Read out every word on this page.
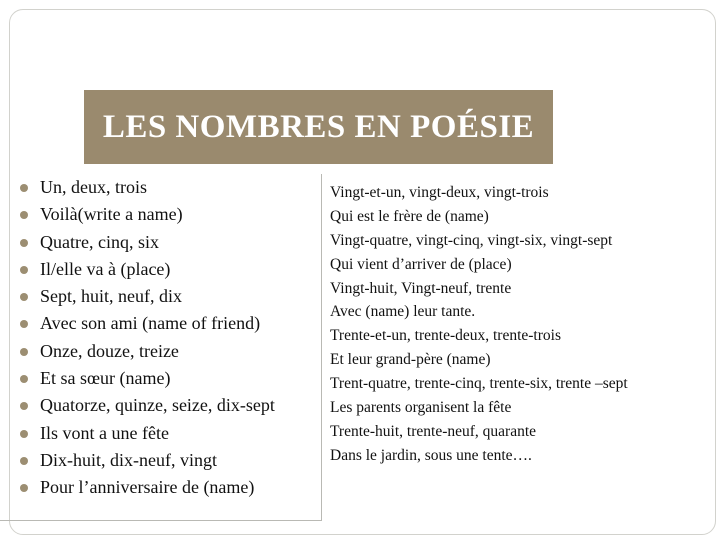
LES NOMBRES EN POÉSIE
Un, deux, trois
Voilà(write a name)
Quatre, cinq, six
Il/elle va à (place)
Sept, huit, neuf, dix
Avec son ami (name of friend)
Onze, douze, treize
Et sa sœur (name)
Quatorze, quinze, seize, dix-sept
Ils vont a une fête
Dix-huit, dix-neuf, vingt
Pour l’anniversaire de (name)
Vingt-et-un, vingt-deux, vingt-trois
Qui est le frère de (name)
Vingt-quatre, vingt-cinq, vingt-six, vingt-sept
Qui vient d’arriver de (place)
Vingt-huit, Vingt-neuf, trente
Avec (name) leur tante.
Trente-et-un, trente-deux, trente-trois
Et leur grand-père (name)
Trent-quatre, trente-cinq, trente-six, trente –sept
Les parents organisent la fête
Trente-huit, trente-neuf, quarante
Dans le jardin, sous une tente….
